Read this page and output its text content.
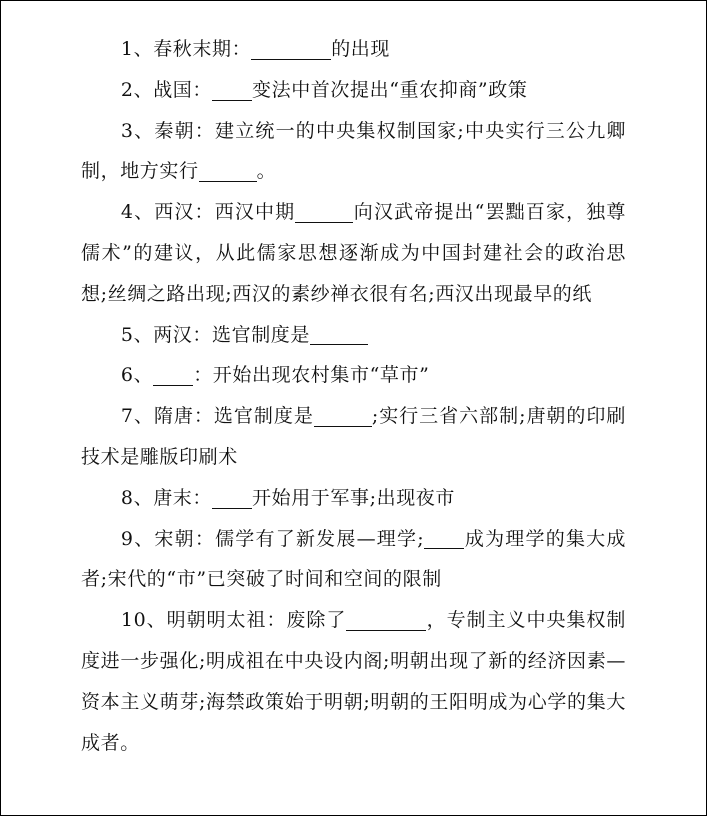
1、春秋末期：	的出现

2、战国： 变法中首次提出“重农抑商”政策

3、秦朝：建立统一的中央集权制国家;中央实行三公九卿制，地方实行	。

4、西汉：西汉中期	向汉武帝提出“罢黜百家，独尊儒术”的建议，从此儒家思想逐渐成为中国封建社会的政治思想;丝绸之路出现;西汉的素纱禅衣很有名;西汉出现最早的纸

5、两汉：选官制度是

6、 ：开始出现农村集市“草市”

7、隋唐：选官制度是	;实行三省六部制;唐朝的印刷技术是雕版印刷术

8、唐末： 开始用于军事;出现夜市

9、宋朝：儒学有了新发展—理学; 成为理学的集大成者;宋代的“市”已突破了时间和空间的限制

10、明朝明太祖：废除了	，专制主义中央集权制度进一步强化;明成祖在中央设内阁;明朝出现了新的经济因素—资本主义萌芽;海禁政策始于明朝;明朝的王阳明成为心学的集大成者。
